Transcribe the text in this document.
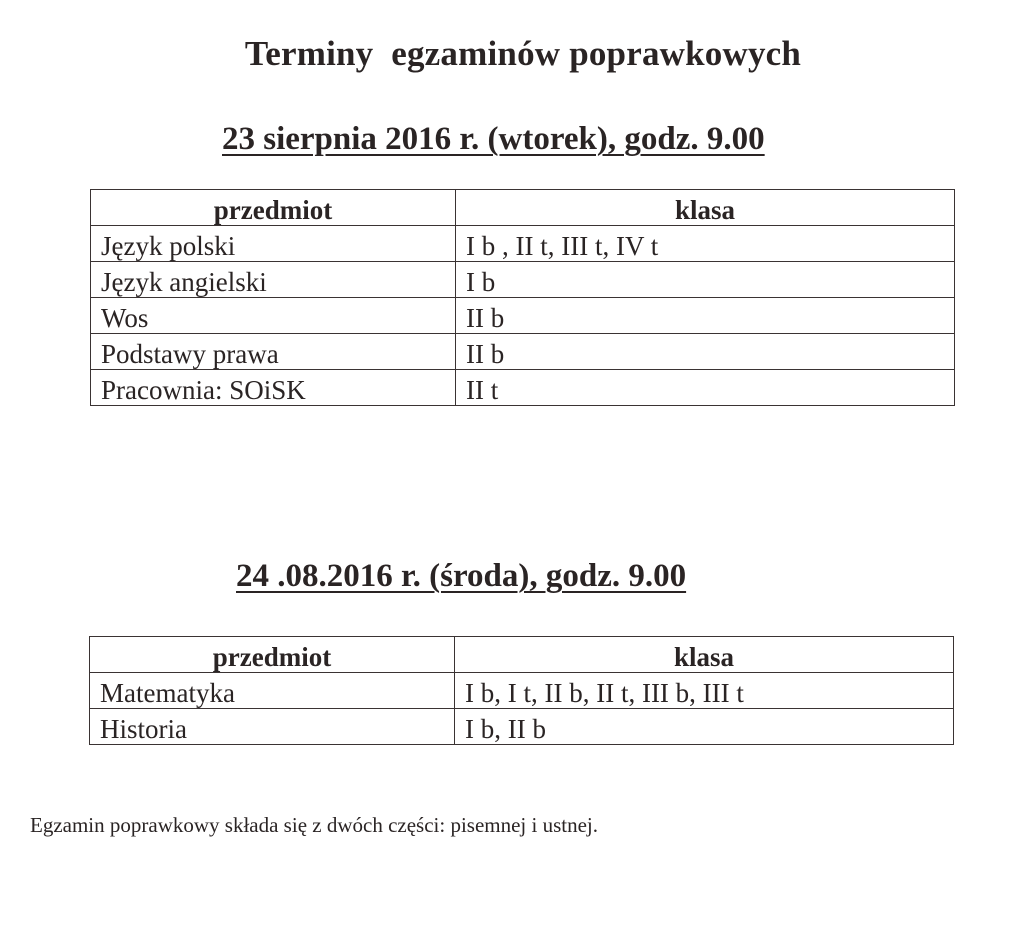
Terminy  egzaminów poprawkowych
23 sierpnia 2016 r. (wtorek), godz. 9.00
przedmiot	klasa
Język polski	I b , II t, III t, IV t
Język angielski	I b
Wos	II b
Podstawy prawa	II b
Pracownia: SOiSK	II t
24 .08.2016 r. (środa), godz. 9.00
przedmiot	klasa
Matematyka	I b, I t, II b, II t, III b, III t
Historia	I b, II b
Egzamin poprawkowy składa się z dwóch części: pisemnej i ustnej.
